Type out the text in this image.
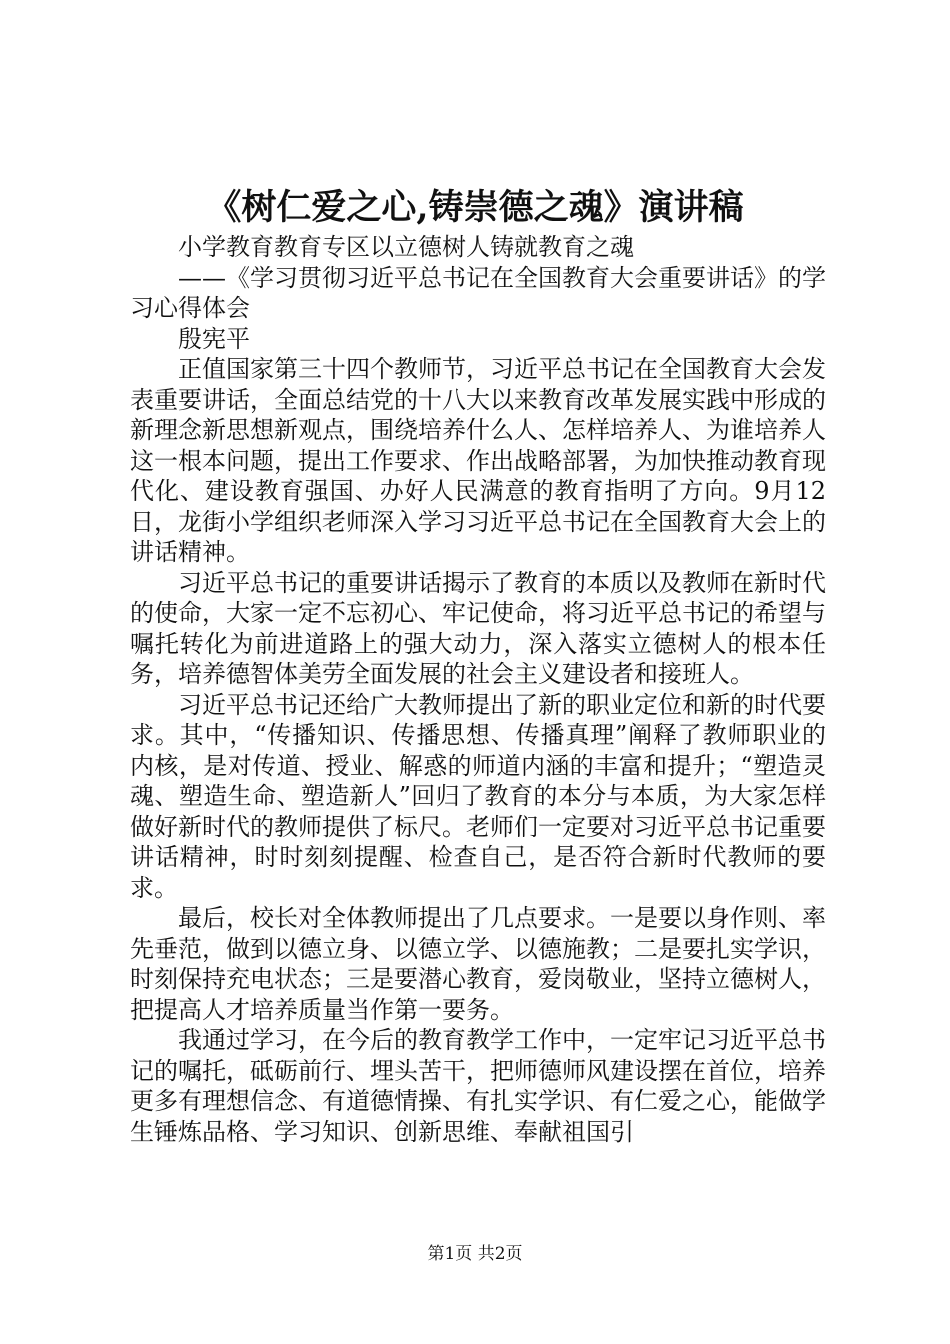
《树仁爱之心,铸崇德之魂》演讲稿

小学教育教育专区以立德树人铸就教育之魂

——《学习贯彻习近平总书记在全国教育大会重要讲话》的学习心得体会

殷宪平

正值国家第三十四个教师节，习近平总书记在全国教育大会发表重要讲话，全面总结党的十八大以来教育改革发展实践中形成的新理念新思想新观点，围绕培养什么人、怎样培养人、为谁培养人这一根本问题，提出工作要求、作出战略部署，为加快推动教育现代化、建设教育强国、办好人民满意的教育指明了方向。9月12日，龙街小学组织老师深入学习习近平总书记在全国教育大会上的讲话精神。

习近平总书记的重要讲话揭示了教育的本质以及教师在新时代的使命，大家一定不忘初心、牢记使命，将习近平总书记的希望与嘱托转化为前进道路上的强大动力，深入落实立德树人的根本任务，培养德智体美劳全面发展的社会主义建设者和接班人。

习近平总书记还给广大教师提出了新的职业定位和新的时代要求。其中，“传播知识、传播思想、传播真理”阐释了教师职业的内核，是对传道、授业、解惑的师道内涵的丰富和提升；“塑造灵魂、塑造生命、塑造新人”回归了教育的本分与本质，为大家怎样做好新时代的教师提供了标尺。老师们一定要对习近平总书记重要讲话精神，时时刻刻提醒、检查自己，是否符合新时代教师的要求。

最后，校长对全体教师提出了几点要求。一是要以身作则、率先垂范，做到以德立身、以德立学、以德施教；二是要扎实学识，时刻保持充电状态；三是要潜心教育，爱岗敬业，坚持立德树人，把提高人才培养质量当作第一要务。

我通过学习，在今后的教育教学工作中，一定牢记习近平总书记的嘱托，砥砺前行、埋头苦干，把师德师风建设摆在首位，培养更多有理想信念、有道德情操、有扎实学识、有仁爱之心，能做学生锤炼品格、学习知识、创新思维、奉献祖国引

第1页 共2页
